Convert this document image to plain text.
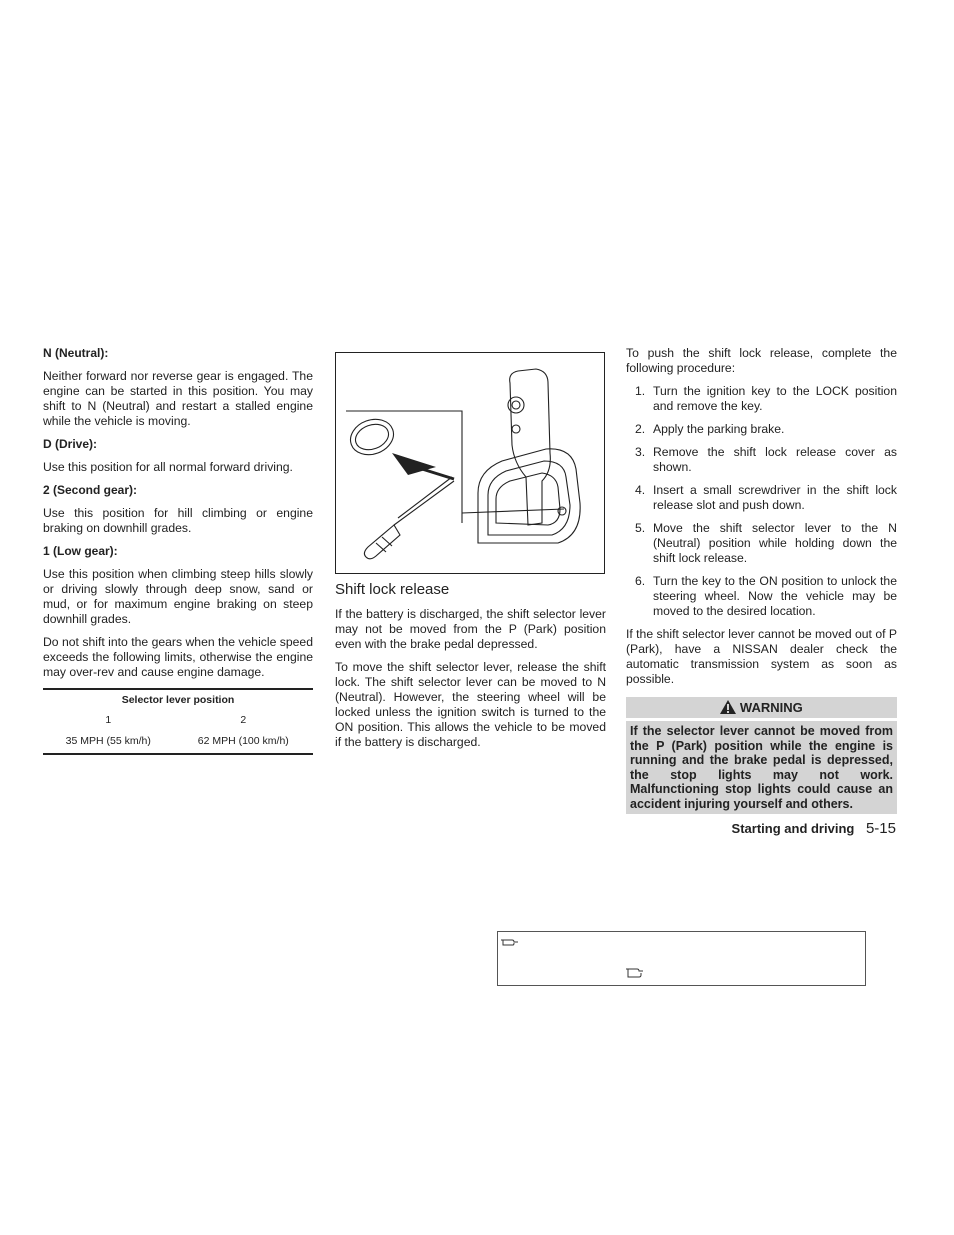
N (Neutral):

Neither forward nor reverse gear is engaged. The engine can be started in this position. You may shift to N (Neutral) and restart a stalled engine while the vehicle is moving.

D (Drive):

Use this position for all normal forward driving.

2 (Second gear):

Use this position for hill climbing or engine braking on downhill grades.

1 (Low gear):

Use this position when climbing steep hills slowly or driving slowly through deep snow, sand or mud, or for maximum engine braking on steep downhill grades.

Do not shift into the gears when the vehicle speed exceeds the following limits, otherwise the engine may over-rev and cause engine damage.

Selector lever position	
1	2
35 MPH (55 km/h)	62 MPH (100 km/h)
Shift lock release

If the battery is discharged, the shift selector lever may not be moved from the P (Park) position even with the brake pedal depressed.

To move the shift selector lever, release the shift lock. The shift selector lever can be moved to N (Neutral). However, the steering wheel will be locked unless the ignition switch is turned to the ON position. This allows the vehicle to be moved if the battery is discharged.

To push the shift lock release, complete the following procedure:

1. Turn the ignition key to the LOCK position and remove the key.
2. Apply the parking brake.
3. Remove the shift lock release cover as shown.
4. Insert a small screwdriver in the shift lock release slot and push down.
5. Move the shift selector lever to the N (Neutral) position while holding down the shift lock release.
6. Turn the key to the ON position to unlock the steering wheel. Now the vehicle may be moved to the desired location.

If the shift selector lever cannot be moved out of P (Park), have a NISSAN dealer check the automatic transmission system as soon as possible.

WARNING
If the selector lever cannot be moved from the P (Park) position while the engine is running and the brake pedal is depressed, the stop lights may not work. Malfunctioning stop lights could cause an accident injuring yourself and others.
Starting and driving 5-15
